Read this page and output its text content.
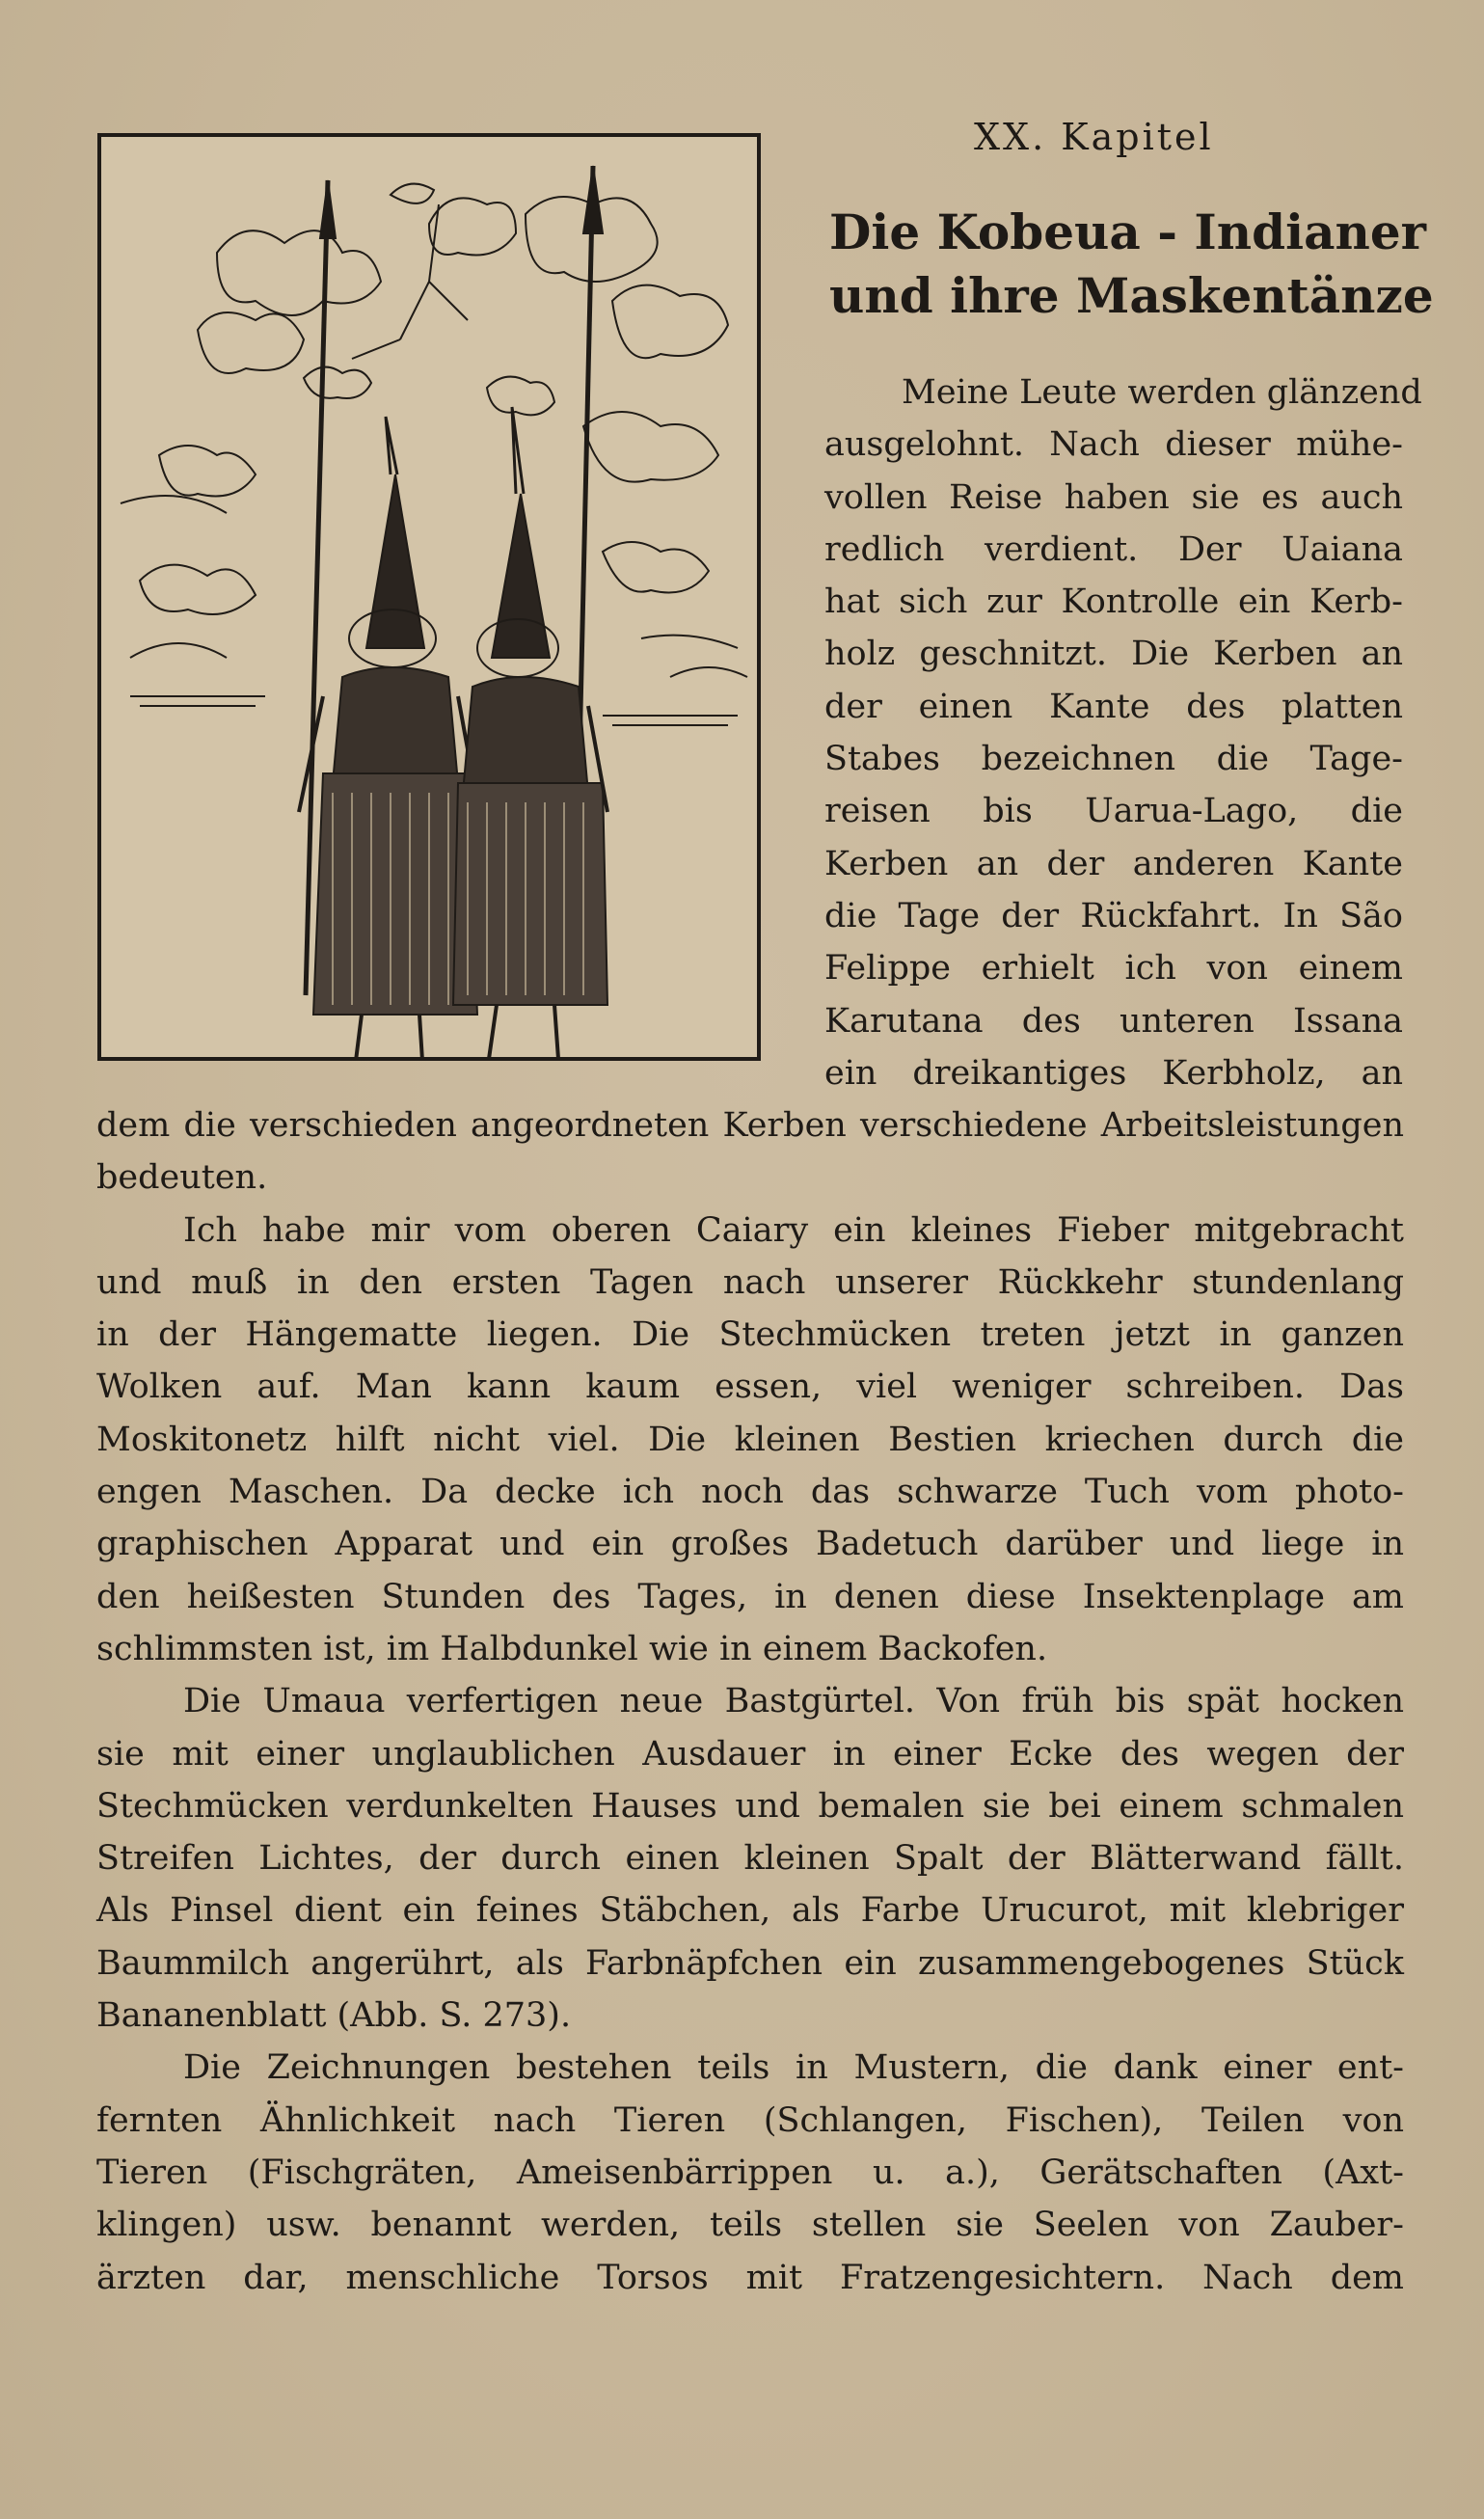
XX. Kapitel
Die Kobeua - Indianer
und ihre Maskentänze
Meine Leute werden glänzend
ausgelohnt. Nach dieser mühe-
vollen Reise haben sie es auch
redlich verdient. Der Uaiana
hat sich zur Kontrolle ein Kerb-
holz geschnitzt. Die Kerben an
der einen Kante des platten
Stabes bezeichnen die Tage-
reisen bis Uarua-Lago, die
Kerben an der anderen Kante
die Tage der Rückfahrt. In São
Felippe erhielt ich von einem
Karutana des unteren Issana
ein dreikantiges Kerbholz, an
dem die verschieden angeordneten Kerben verschiedene Arbeitsleistungen
bedeuten.
Ich habe mir vom oberen Caiary ein kleines Fieber mitgebracht
und muß in den ersten Tagen nach unserer Rückkehr stundenlang
in der Hängematte liegen. Die Stechmücken treten jetzt in ganzen
Wolken auf. Man kann kaum essen, viel weniger schreiben. Das
Moskitonetz hilft nicht viel. Die kleinen Bestien kriechen durch die
engen Maschen. Da decke ich noch das schwarze Tuch vom photo-
graphischen Apparat und ein großes Badetuch darüber und liege in
den heißesten Stunden des Tages, in denen diese Insektenplage am
schlimmsten ist, im Halbdunkel wie in einem Backofen.
Die Umaua verfertigen neue Bastgürtel. Von früh bis spät hocken
sie mit einer unglaublichen Ausdauer in einer Ecke des wegen der
Stechmücken verdunkelten Hauses und bemalen sie bei einem schmalen
Streifen Lichtes, der durch einen kleinen Spalt der Blätterwand fällt.
Als Pinsel dient ein feines Stäbchen, als Farbe Urucurot, mit klebriger
Baummilch angerührt, als Farbnäpfchen ein zusammengebogenes Stück
Bananenblatt (Abb. S. 273).
Die Zeichnungen bestehen teils in Mustern, die dank einer ent-
fernten Ähnlichkeit nach Tieren (Schlangen, Fischen), Teilen von
Tieren (Fischgräten, Ameisenbärrippen u. a.), Gerätschaften (Axt-
klingen) usw. benannt werden, teils stellen sie Seelen von Zauber-
ärzten dar, menschliche Torsos mit Fratzengesichtern. Nach dem
